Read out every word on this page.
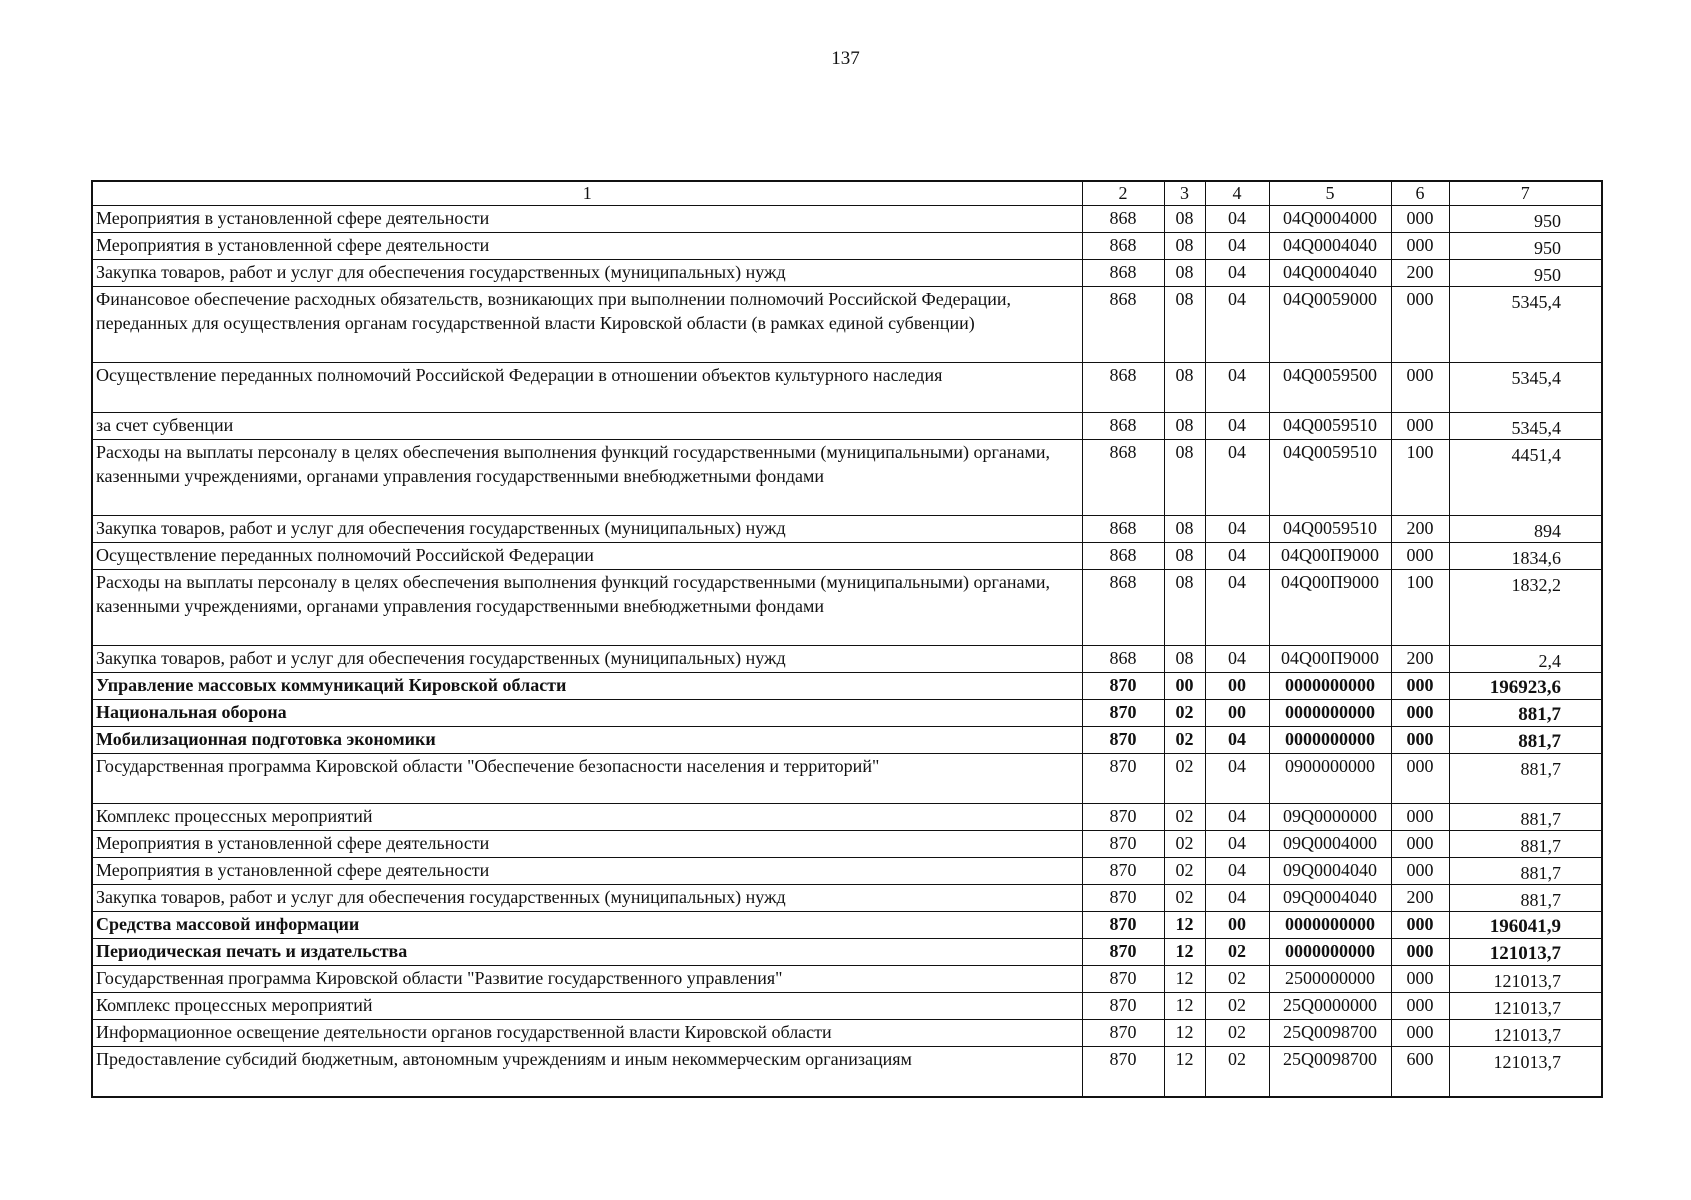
137
1	2	3	4	5	6	7
Мероприятия в установленной сфере деятельности	868	08	04	04Q0004000	000	950
Мероприятия в установленной сфере деятельности	868	08	04	04Q0004040	000	950
Закупка товаров, работ и услуг для обеспечения государственных (муниципальных) нужд	868	08	04	04Q0004040	200	950
Финансовое обеспечение расходных обязательств, возникающих при выполнении полномочий Российской Федерации, переданных для осуществления органам государственной власти Кировской области (в рамках единой субвенции)	868	08	04	04Q0059000	000	5345,4
Осуществление переданных полномочий Российской Федерации в отношении объектов культурного наследия	868	08	04	04Q0059500	000	5345,4
за счет субвенции	868	08	04	04Q0059510	000	5345,4
Расходы на выплаты персоналу в целях обеспечения выполнения функций государственными (муниципальными) органами, казенными учреждениями, органами управления государственными внебюджетными фондами	868	08	04	04Q0059510	100	4451,4
Закупка товаров, работ и услуг для обеспечения государственных (муниципальных) нужд	868	08	04	04Q0059510	200	894
Осуществление переданных полномочий Российской Федерации	868	08	04	04Q00П9000	000	1834,6
Расходы на выплаты персоналу в целях обеспечения выполнения функций государственными (муниципальными) органами, казенными учреждениями, органами управления государственными внебюджетными фондами	868	08	04	04Q00П9000	100	1832,2
Закупка товаров, работ и услуг для обеспечения государственных (муниципальных) нужд	868	08	04	04Q00П9000	200	2,4
Управление массовых коммуникаций Кировской области	870	00	00	0000000000	000	196923,6
Национальная оборона	870	02	00	0000000000	000	881,7
Мобилизационная подготовка экономики	870	02	04	0000000000	000	881,7
Государственная программа Кировской области "Обеспечение безопасности населения и территорий"	870	02	04	0900000000	000	881,7
Комплекс процессных мероприятий	870	02	04	09Q0000000	000	881,7
Мероприятия в установленной сфере деятельности	870	02	04	09Q0004000	000	881,7
Мероприятия в установленной сфере деятельности	870	02	04	09Q0004040	000	881,7
Закупка товаров, работ и услуг для обеспечения государственных (муниципальных) нужд	870	02	04	09Q0004040	200	881,7
Средства массовой информации	870	12	00	0000000000	000	196041,9
Периодическая печать и издательства	870	12	02	0000000000	000	121013,7
Государственная программа Кировской области "Развитие государственного управления"	870	12	02	2500000000	000	121013,7
Комплекс процессных мероприятий	870	12	02	25Q0000000	000	121013,7
Информационное освещение деятельности органов государственной власти Кировской области	870	12	02	25Q0098700	000	121013,7
Предоставление субсидий бюджетным, автономным учреждениям и иным некоммерческим организациям	870	12	02	25Q0098700	600	121013,7
